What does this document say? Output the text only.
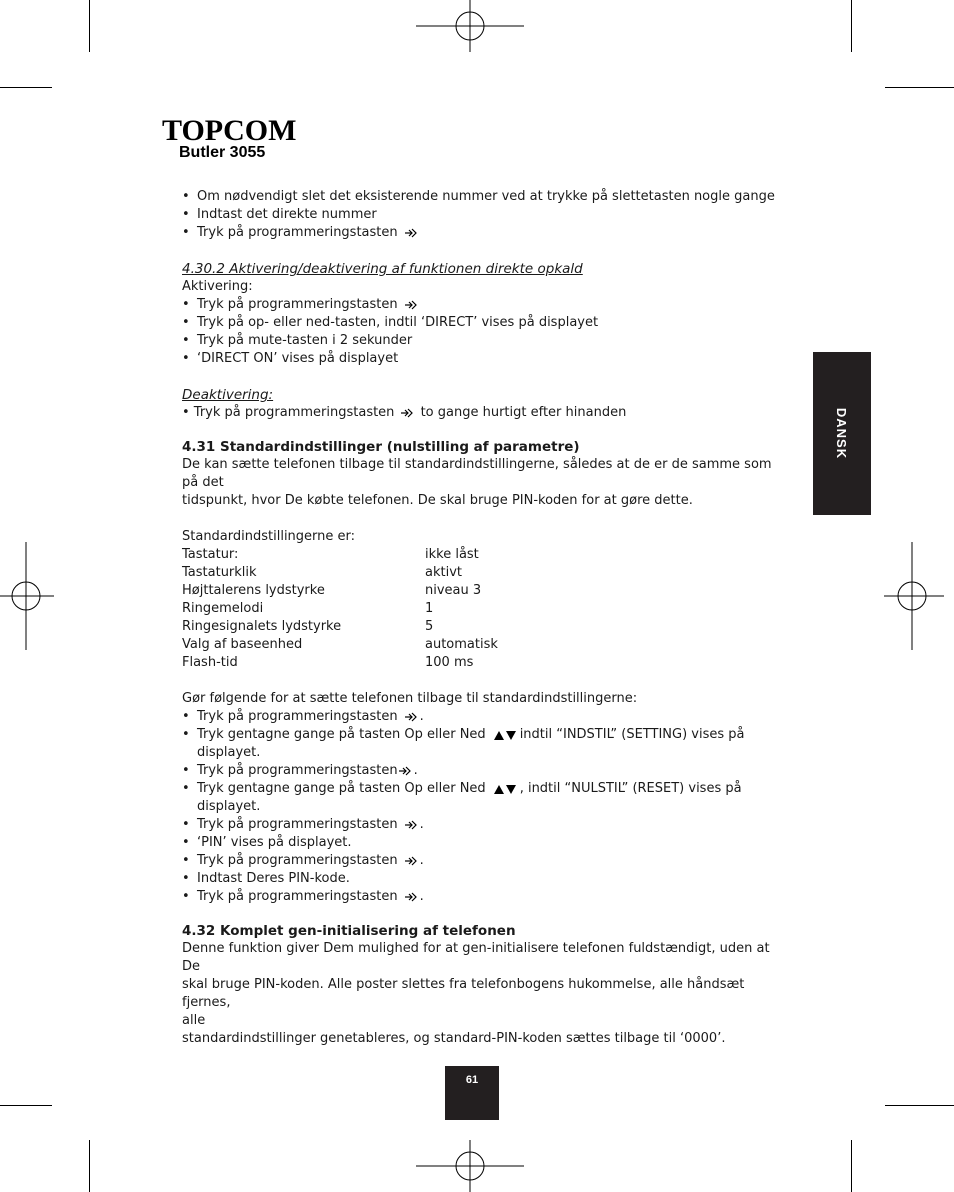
TOPCOM
Butler 3055
DANSK
61

• Om nødvendigt slet det eksisterende nummer ved at trykke på slettetasten nogle gange

• Indtast det direkte nummer

• Tryk på programmeringstasten

4.30.2 Aktivering/deaktivering af funktionen direkte opkald

Aktivering:

• Tryk på programmeringstasten

• Tryk på op- eller ned-tasten, indtil ‘DIRECT’ vises på displayet

• Tryk på mute-tasten i 2 sekunder

• ‘DIRECT ON’ vises på displayet

Deaktivering:

• Tryk på programmeringstasten to gange hurtigt efter hinanden

4.31 Standardindstillinger (nulstilling af parametre)

De kan sætte telefonen tilbage til standardindstillingerne, således at de er de samme som på det

tidspunkt, hvor De købte telefonen. De skal bruge PIN-koden for at gøre dette.

Standardindstillingerne er:

Tastatur:	ikke låst
Tastaturklik	aktivt
Højttalerens lydstyrke	niveau 3
Ringemelodi	1
Ringesignalets lydstyrke	5
Valg af baseenhed	automatisk
Flash-tid	100 ms

Gør følgende for at sætte telefonen tilbage til standardindstillingerne:

• Tryk på programmeringstasten .

• Tryk gentagne gange på tasten Op eller Ned	indtil “INDSTIL” (SETTING) vises på displayet.

• Tryk på programmeringstasten .

• Tryk gentagne gange på tasten Op eller Ned	, indtil “NULSTIL” (RESET) vises på

displayet.

• Tryk på programmeringstasten .

• ‘PIN’ vises på displayet.

• Tryk på programmeringstasten .

• Indtast Deres PIN-kode.

• Tryk på programmeringstasten .

4.32 Komplet gen-initialisering af telefonen

Denne funktion giver Dem mulighed for at gen-initialisere telefonen fuldstændigt, uden at De

skal bruge PIN-koden. Alle poster slettes fra telefonbogens hukommelse, alle håndsæt fjernes,

alle

standardindstillinger genetableres, og standard-PIN-koden sættes tilbage til ‘0000’.
